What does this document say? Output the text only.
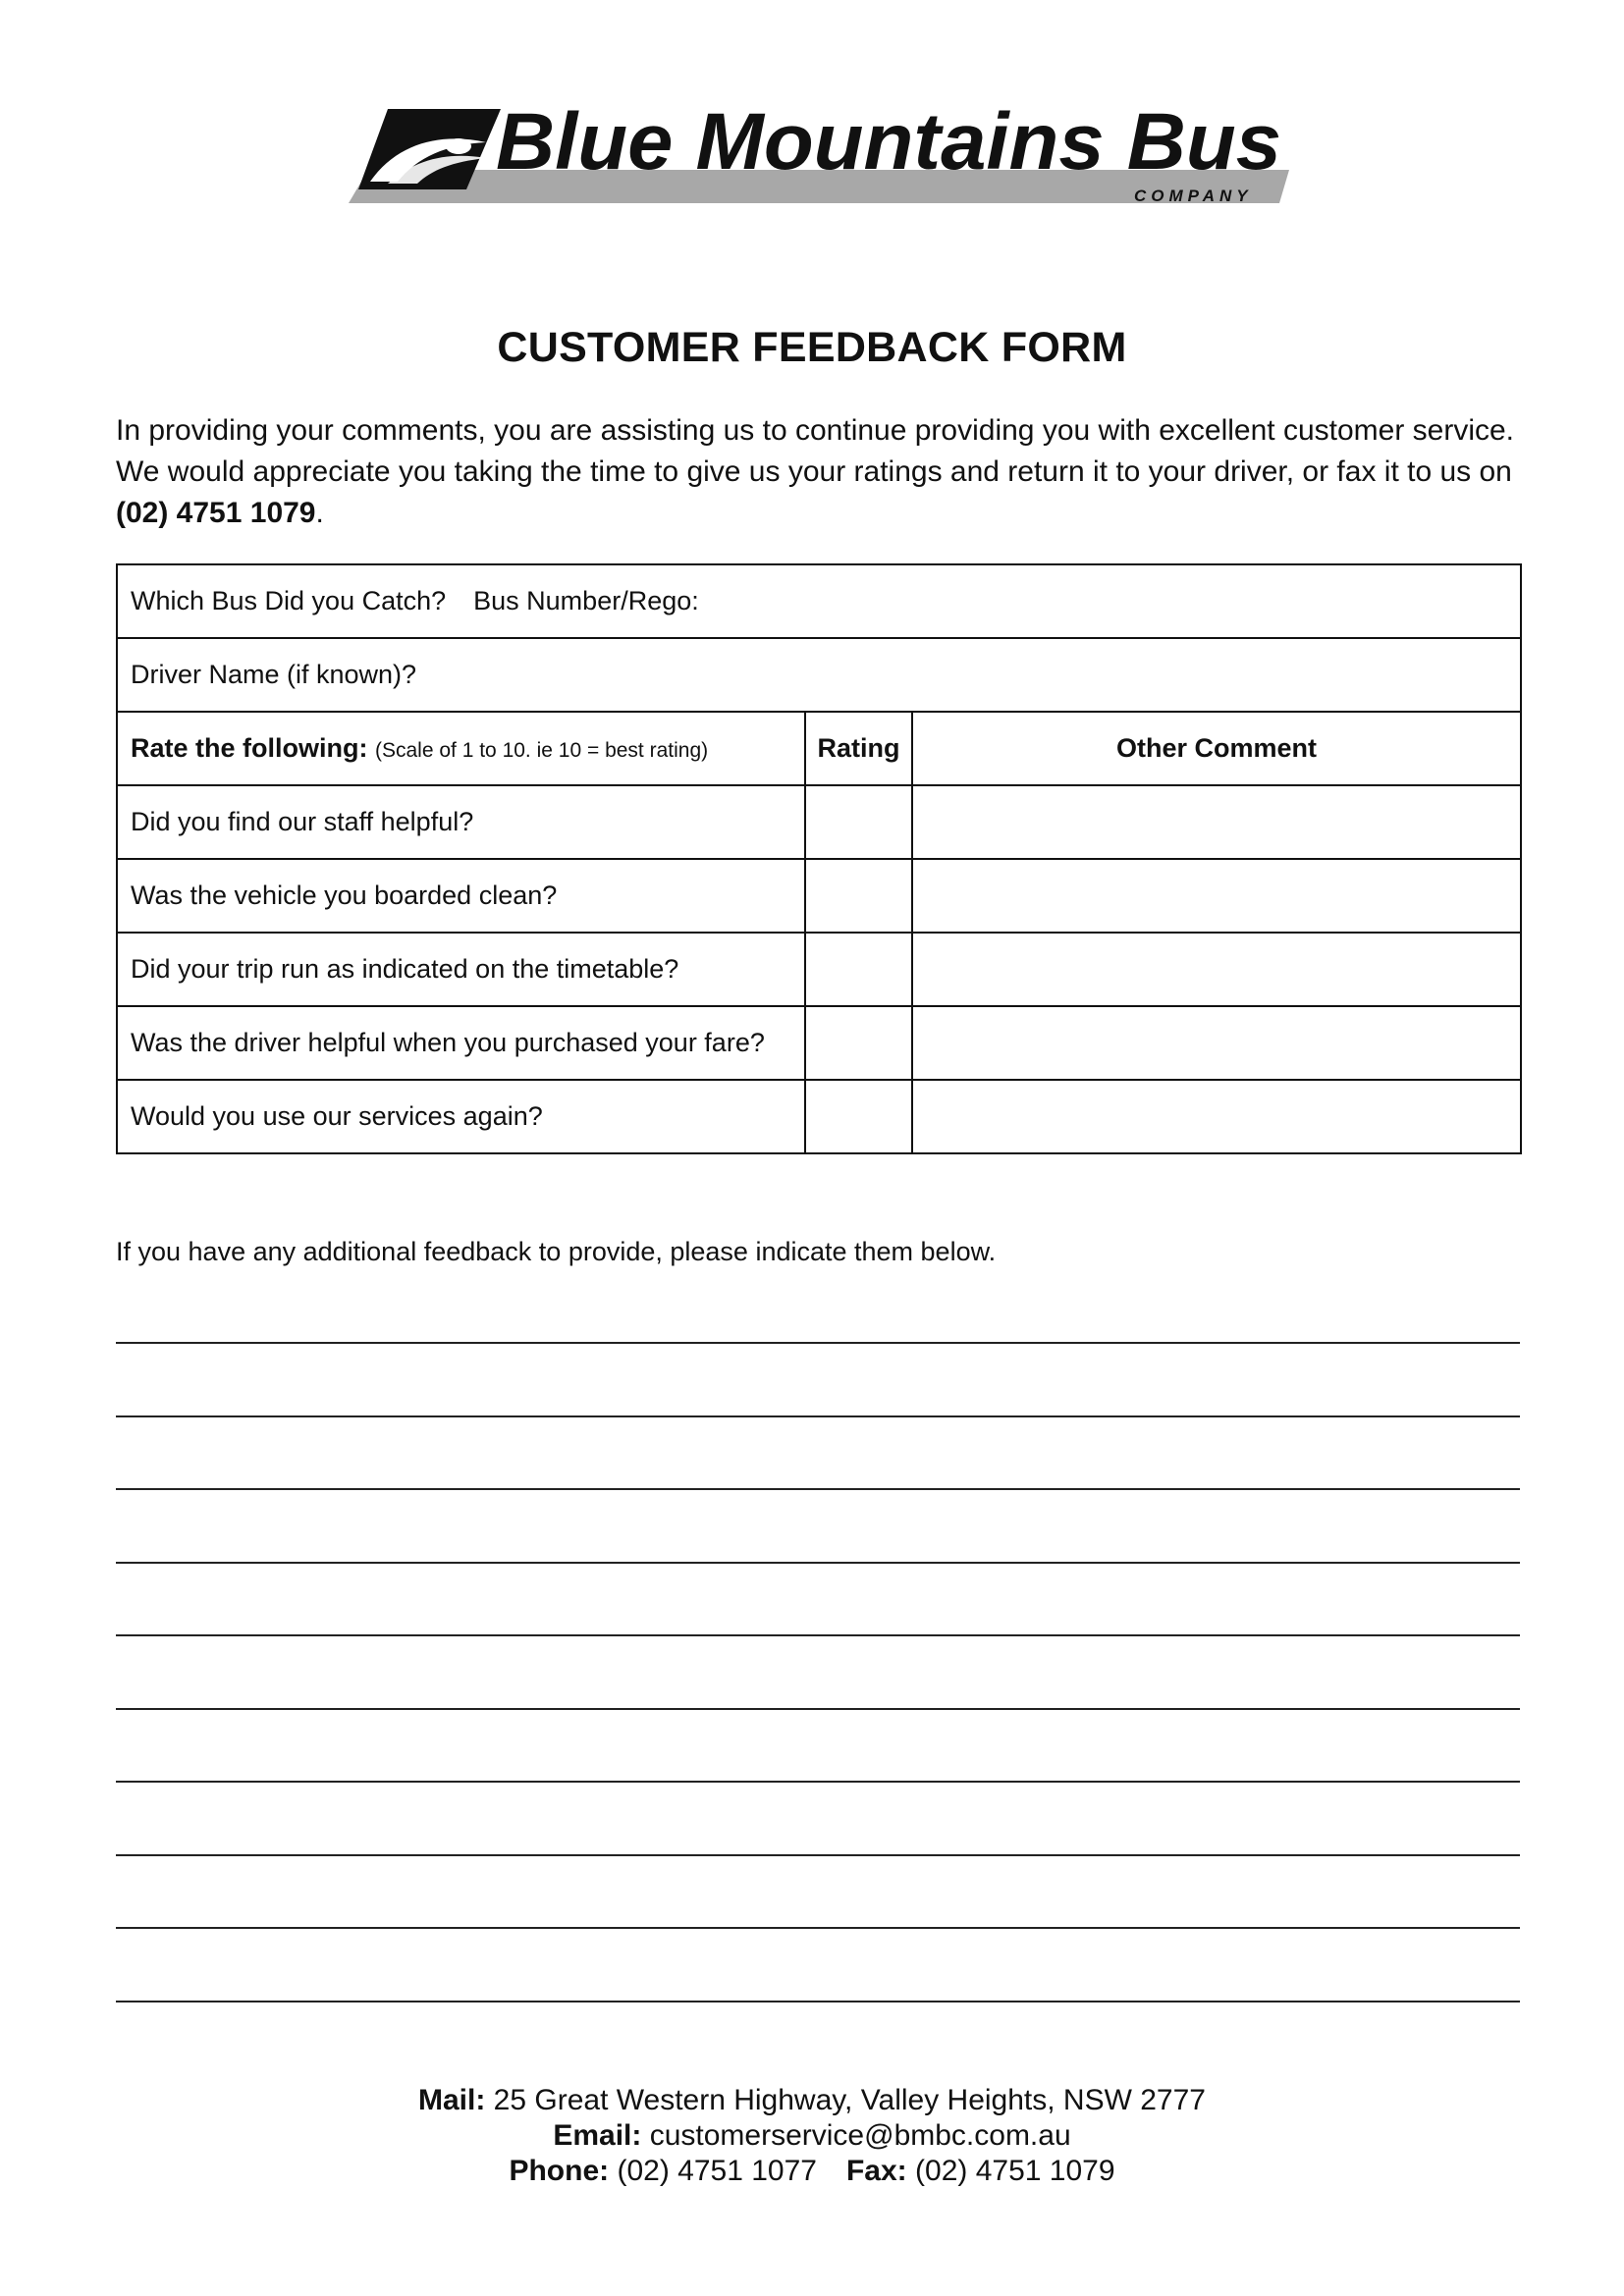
Blue Mountains Bus
COMPANY
CUSTOMER FEEDBACK FORM

In providing your comments, you are assisting us to continue providing you with excellent customer service. We would appreciate you taking the time to give us your ratings and return it to your driver, or fax it to us on (02) 4751 1079.

Which Bus Did you Catch? Bus Number/Rego:		
Driver Name (if known)?		
Rate the following: (Scale of 1 to 10. ie 10 = best rating)	Rating	Other Comment
Did you find our staff helpful?		
Was the vehicle you boarded clean?		
Did your trip run as indicated on the timetable?		
Was the driver helpful when you purchased your fare?		
Would you use our services again?		

If you have any additional feedback to provide, please indicate them below.

Mail: 25 Great Western Highway, Valley Heights, NSW 2777
Email: customerservice@bmbc.com.au
Phone: (02) 4751 1077 Fax: (02) 4751 1079
